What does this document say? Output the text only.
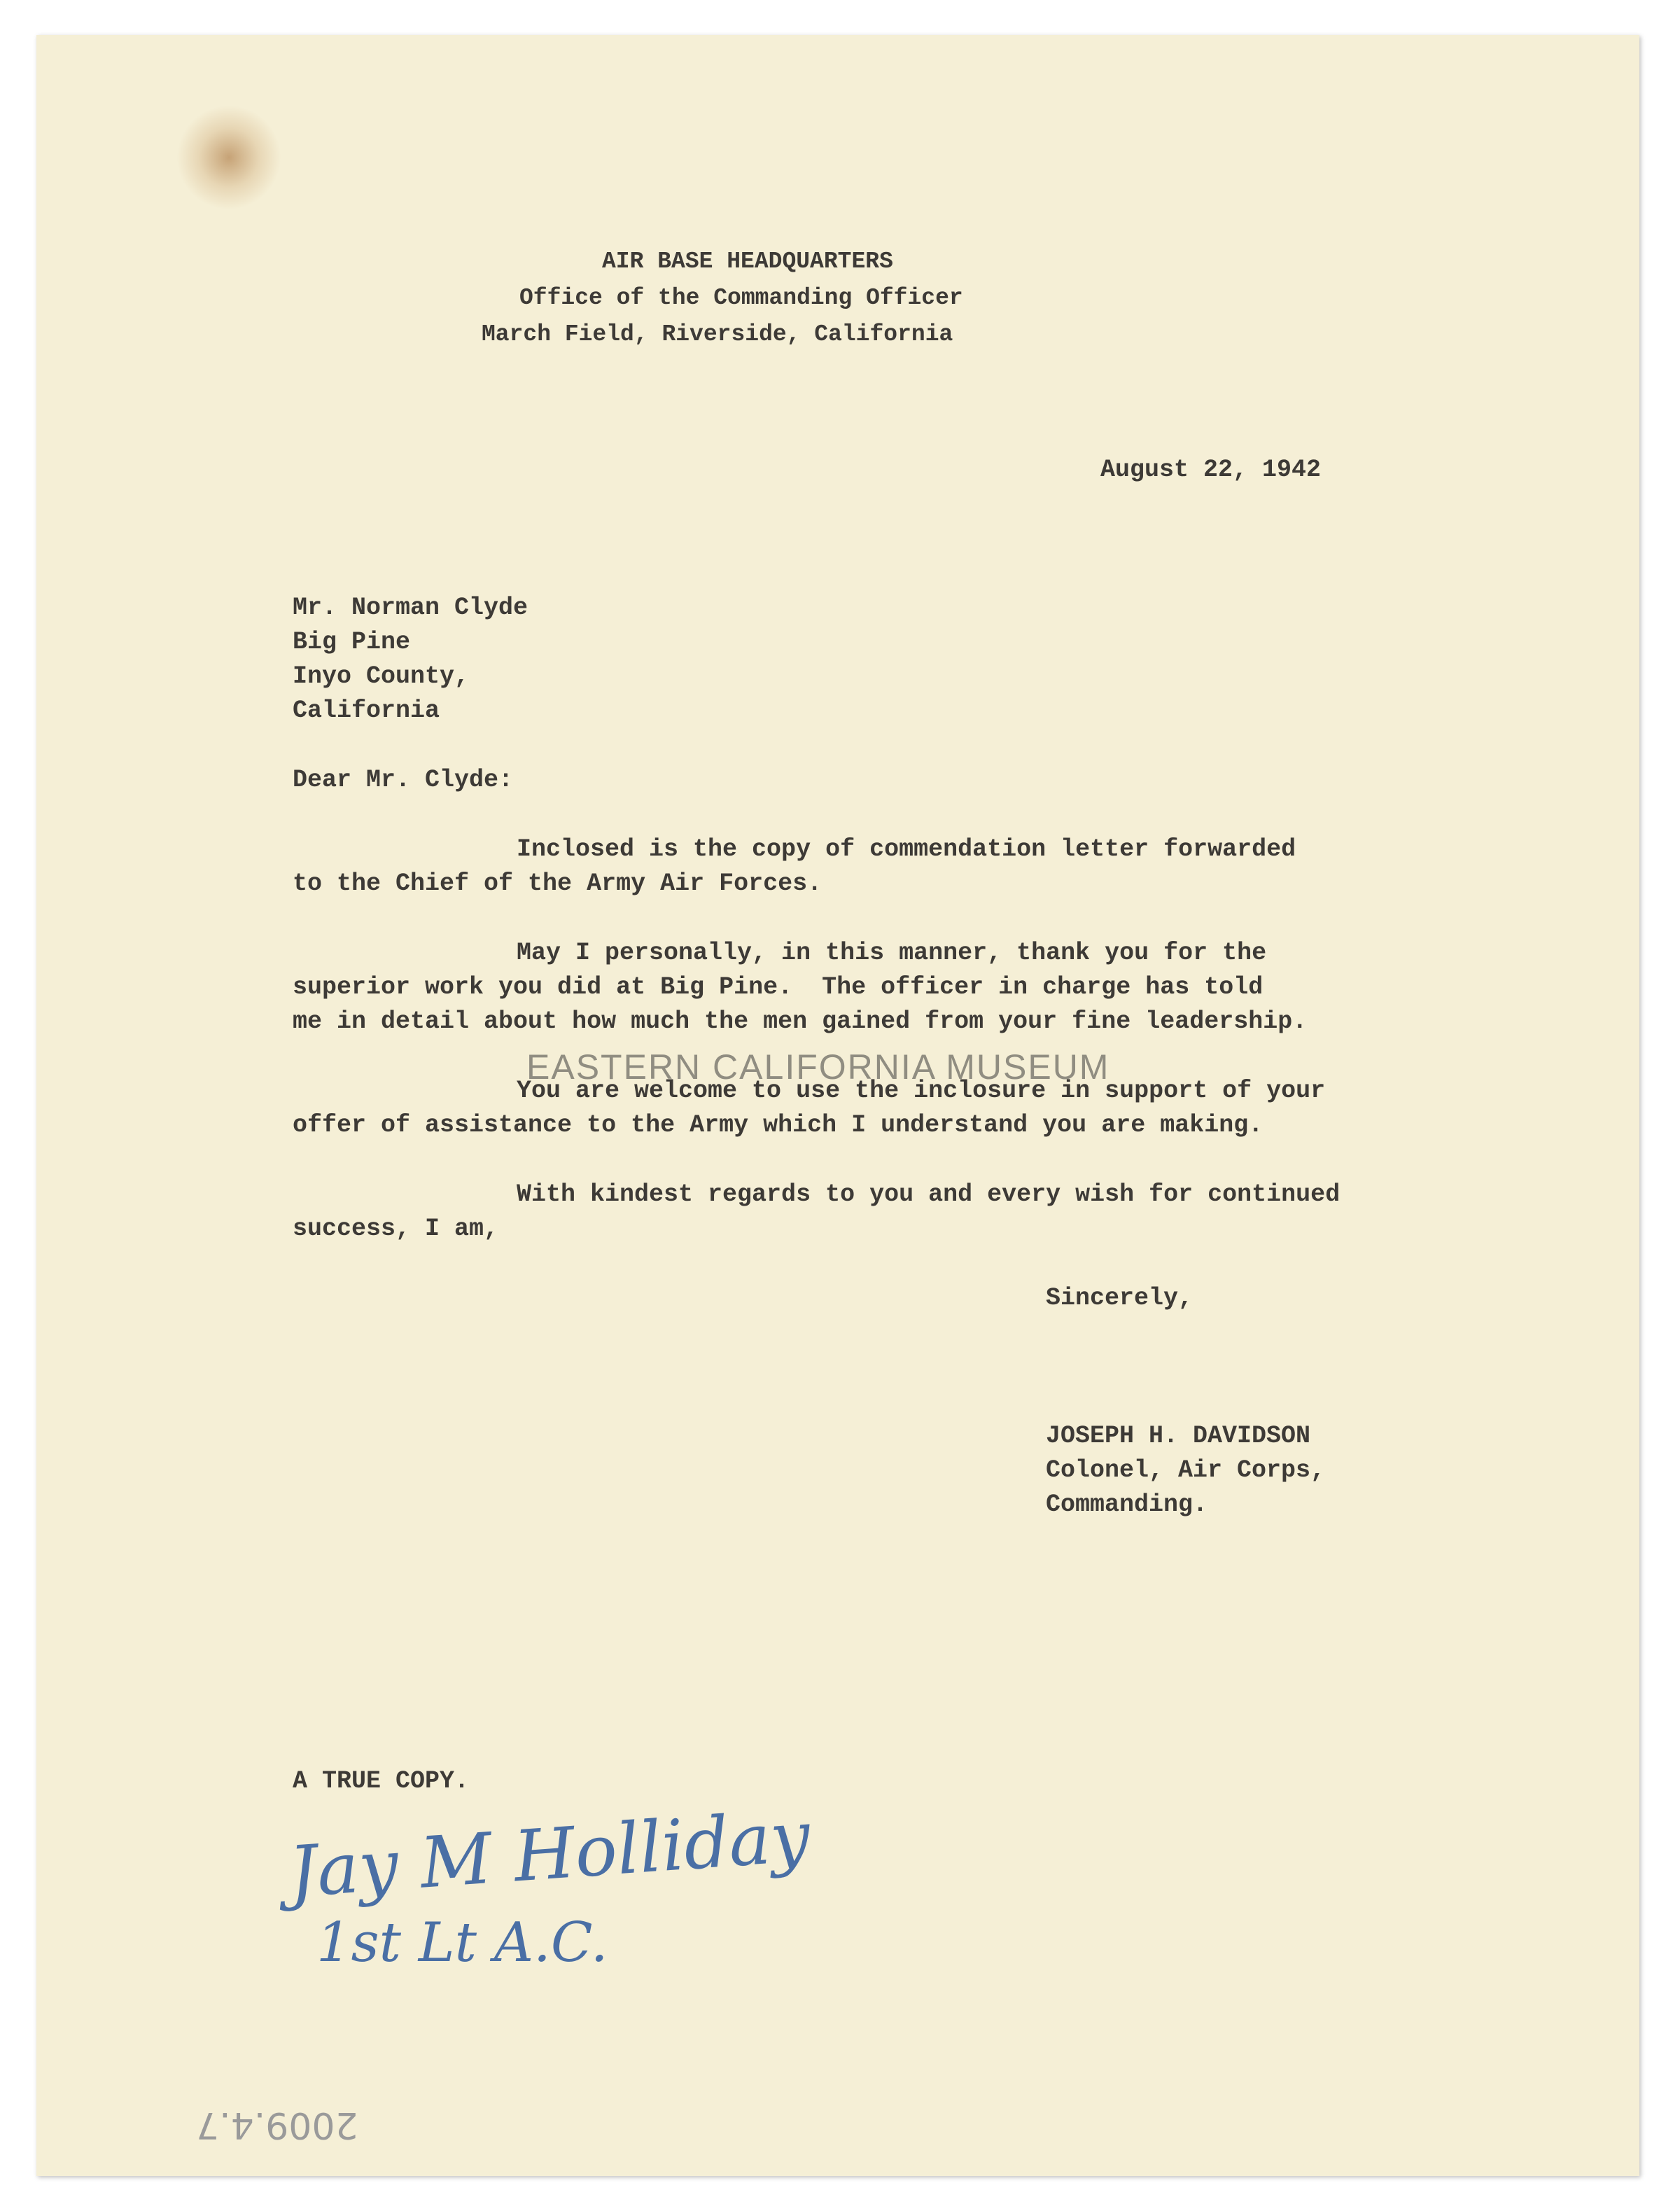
AIR BASE HEADQUARTERS
Office of the Commanding Officer
March Field, Riverside, California
August 22, 1942
Mr. Norman Clyde
Big Pine
Inyo County,
California
Dear Mr. Clyde:
Inclosed is the copy of commendation letter forwarded
to the Chief of the Army Air Forces.
May I personally, in this manner, thank you for the
superior work you did at Big Pine.  The officer in charge has told
me in detail about how much the men gained from your fine leadership.
You are welcome to use the inclosure in support of your
offer of assistance to the Army which I understand you are making.
With kindest regards to you and every wish for continued
success, I am,
Sincerely,
JOSEPH H. DAVIDSON
Colonel, Air Corps,
Commanding.
A TRUE COPY.
Jay M Holliday
1st Lt A.C.
EASTERN CALIFORNIA MUSEUM
2009.4.7
